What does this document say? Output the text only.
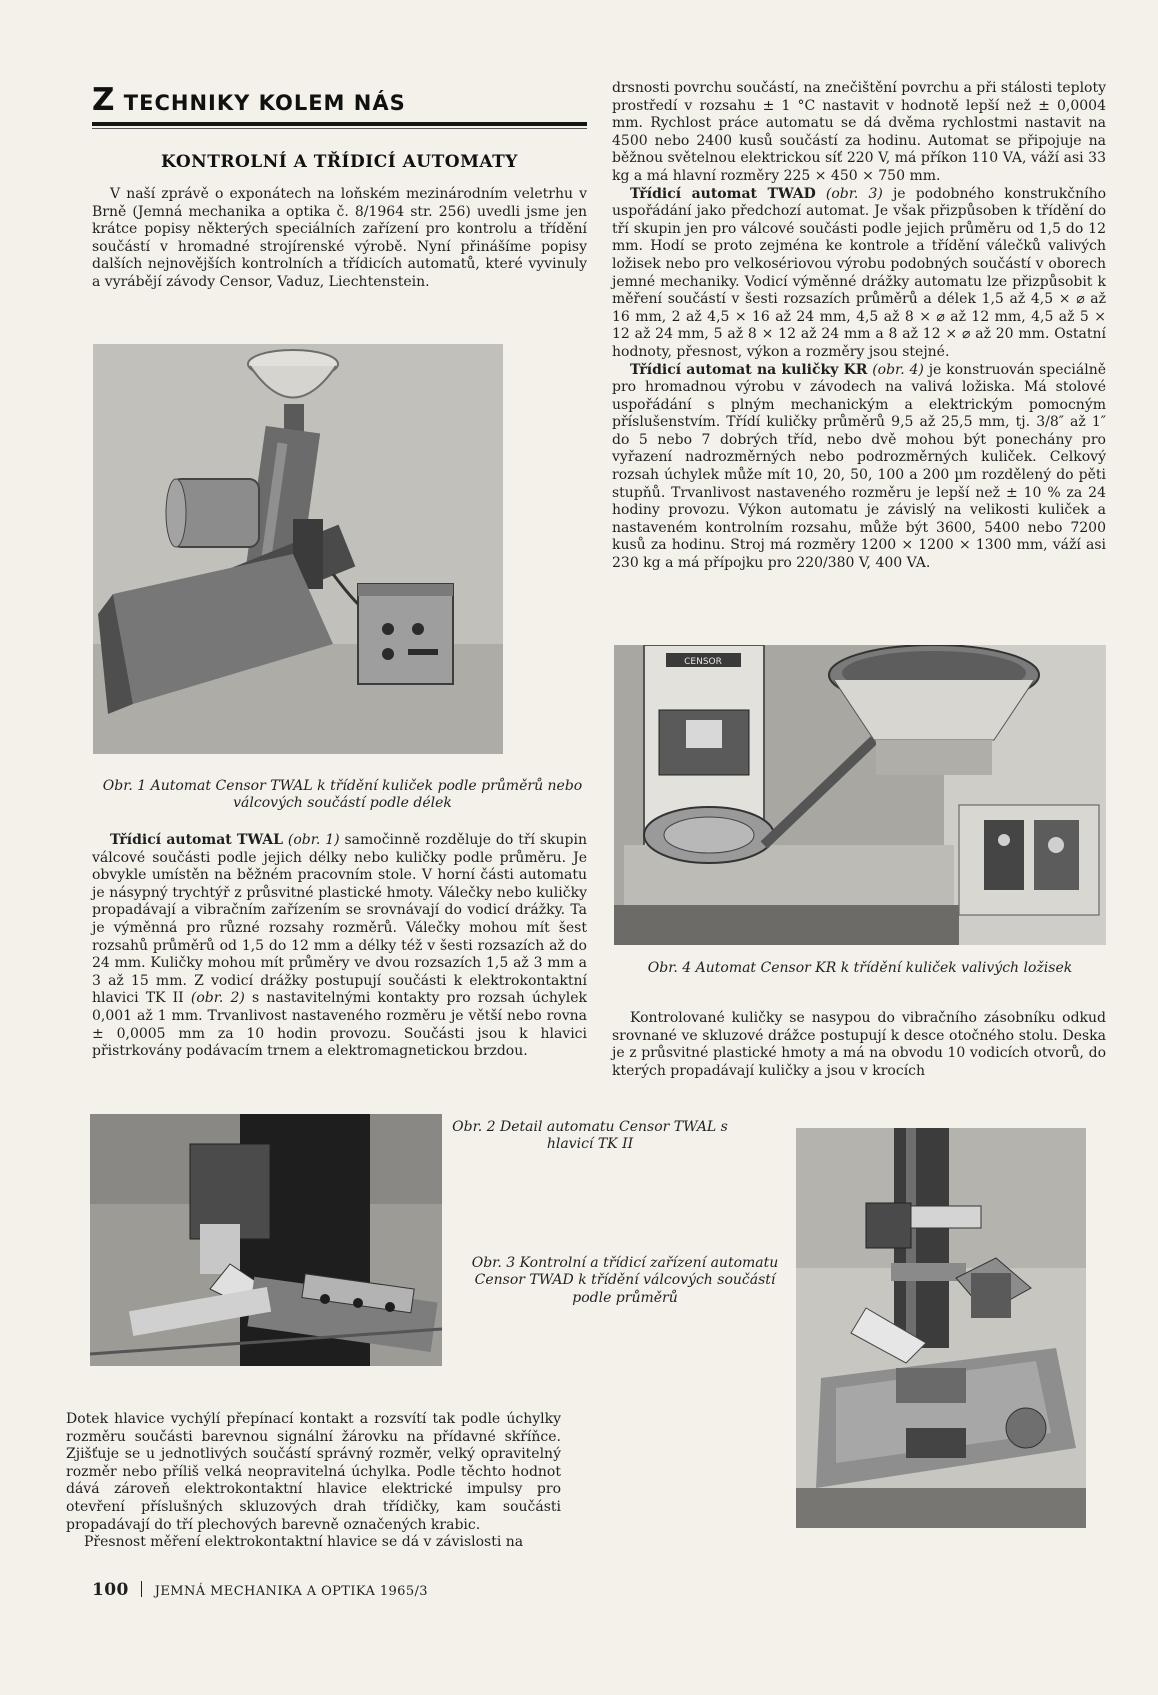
Z TECHNIKY KOLEM NÁS
KONTROLNÍ A TŘÍDICÍ AUTOMATY

V naší zprávě o exponátech na loňském mezinárodním veletrhu v Brně (Jemná mechanika a optika č. 8/1964 str. 256) uvedli jsme jen krátce popisy některých speciálních zařízení pro kontrolu a třídění součástí v hromadné strojírenské výrobě. Nyní přinášíme popisy dalších nejnovějších kontrolních a třídicích automatů, které vyvinuly a vyrábějí závody Censor, Vaduz, Liechtenstein.

Obr. 1 Automat Censor TWAL k třídění kuliček podle průměrů nebo válcových součástí podle délek

Třídicí automat TWAL (obr. 1) samočinně rozděluje do tří skupin válcové součásti podle jejich délky nebo kuličky podle průměru. Je obvykle umístěn na běžném pracovním stole. V horní části automatu je násypný trychtýř z průsvitné plastické hmoty. Válečky nebo kuličky propadávají a vibračním zařízením se srovnávají do vodicí drážky. Ta je výměnná pro různé rozsahy rozměrů. Válečky mohou mít šest rozsahů průměrů od 1,5 do 12 mm a délky též v šesti rozsazích až do 24 mm. Kuličky mohou mít průměry ve dvou rozsazích 1,5 až 3 mm a 3 až 15 mm. Z vodicí drážky postupují součásti k elektrokontaktní hlavici TK II (obr. 2) s nastavitelnými kontakty pro rozsah úchylek 0,001 až 1 mm. Trvanlivost nastaveného rozměru je větší nebo rovna ± 0,0005 mm za 10 hodin provozu. Součásti jsou k hlavici přistrkovány podávacím trnem a elektromagnetickou brzdou.

Obr. 2 Detail automatu Censor TWAL s hlavicí TK II
Obr. 3 Kontrolní a třídicí zařízení automatu Censor TWAD k třídění válcových součástí podle průměrů

Dotek hlavice vychýlí přepínací kontakt a rozsvítí tak podle úchylky rozměru součásti barevnou signální žárovku na přídavné skříňce. Zjišťuje se u jednotlivých součástí správný rozměr, velký opravitelný rozměr nebo příliš velká neopravitelná úchylka. Podle těchto hodnot dává zároveň elektrokontaktní hlavice elektrické impulsy pro otevření příslušných skluzových drah třídičky, kam součásti propadávají do tří plechových barevně označených krabic.

Přesnost měření elektrokontaktní hlavice se dá v závislosti na

drsnosti povrchu součástí, na znečištění povrchu a při stálosti teploty prostředí v rozsahu ± 1 °C nastavit v hodnotě lepší než ± 0,0004 mm. Rychlost práce automatu se dá dvěma rychlostmi nastavit na 4500 nebo 2400 kusů součástí za hodinu. Automat se připojuje na běžnou světelnou elektrickou síť 220 V, má příkon 110 VA, váží asi 33 kg a má hlavní rozměry 225 × 450 × 750 mm.

Třídicí automat TWAD (obr. 3) je podobného konstrukčního uspořádání jako předchozí automat. Je však přizpůsoben k třídění do tří skupin jen pro válcové součásti podle jejich průměru od 1,5 do 12 mm. Hodí se proto zejména ke kontrole a třídění válečků valivých ložisek nebo pro velkosériovou výrobu podobných součástí v oborech jemné mechaniky. Vodicí výměnné drážky automatu lze přizpůsobit k měření součástí v šesti rozsazích průměrů a délek 1,5 až 4,5 × ⌀ až 16 mm, 2 až 4,5 × 16 až 24 mm, 4,5 až 8 × ⌀ až 12 mm, 4,5 až 5 × 12 až 24 mm, 5 až 8 × 12 až 24 mm a 8 až 12 × ⌀ až 20 mm. Ostatní hodnoty, přesnost, výkon a rozměry jsou stejné.

Třídicí automat na kuličky KR (obr. 4) je konstruován speciálně pro hromadnou výrobu v závodech na valivá ložiska. Má stolové uspořádání s plným mechanickým a elektrickým pomocným příslušenstvím. Třídí kuličky průměrů 9,5 až 25,5 mm, tj. 3/8″ až 1″ do 5 nebo 7 dobrých tříd, nebo dvě mohou být ponechány pro vyřazení nadrozměrných nebo podrozměrných kuliček. Celkový rozsah úchylek může mít 10, 20, 50, 100 a 200 µm rozdělený do pěti stupňů. Trvanlivost nastaveného rozměru je lepší než ± 10 % za 24 hodiny provozu. Výkon automatu je závislý na velikosti kuliček a nastaveném kontrolním rozsahu, může být 3600, 5400 nebo 7200 kusů za hodinu. Stroj má rozměry 1200 × 1200 × 1300 mm, váží asi 230 kg a má přípojku pro 220/380 V, 400 VA.

CENSOR
Obr. 4 Automat Censor KR k třídění kuliček valivých ložisek

Kontrolované kuličky se nasypou do vibračního zásobníku odkud srovnané ve skluzové drážce postupují k desce otočného stolu. Deska je z průsvitné plastické hmoty a má na obvodu 10 vodicích otvorů, do kterých propadávají kuličky a jsou v krocích

100 JEMNÁ MECHANIKA A OPTIKA 1965/3
